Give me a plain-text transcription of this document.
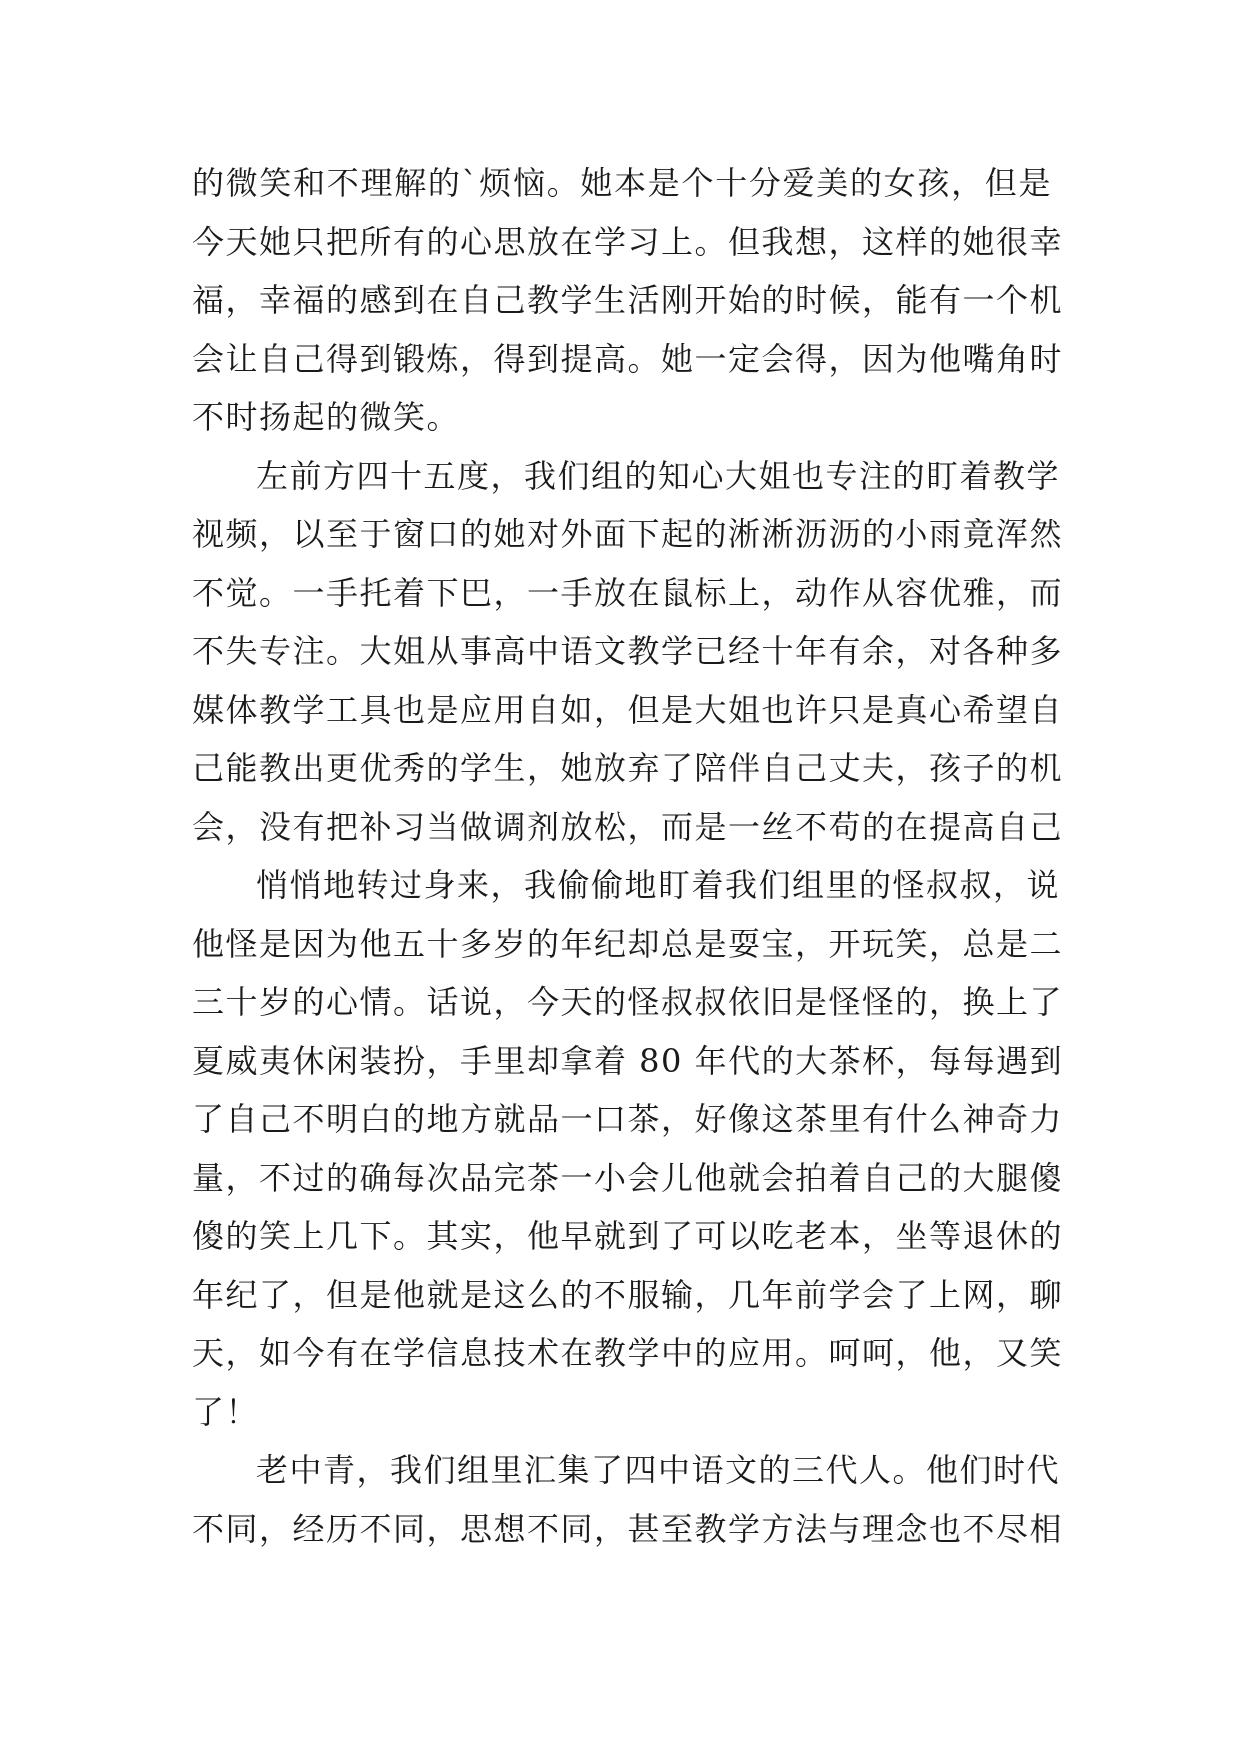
的微笑和不理解的`烦恼。她本是个十分爱美的女孩，但是
今天她只把所有的心思放在学习上。但我想，这样的她很幸
福，幸福的感到在自己教学生活刚开始的时候，能有一个机
会让自己得到锻炼，得到提高。她一定会得，因为他嘴角时
不时扬起的微笑。
左前方四十五度，我们组的知心大姐也专注的盯着教学
视频，以至于窗口的她对外面下起的淅淅沥沥的小雨竟浑然
不觉。一手托着下巴，一手放在鼠标上，动作从容优雅，而
不失专注。大姐从事高中语文教学已经十年有余，对各种多
媒体教学工具也是应用自如，但是大姐也许只是真心希望自
己能教出更优秀的学生，她放弃了陪伴自己丈夫，孩子的机
会，没有把补习当做调剂放松，而是一丝不苟的在提高自己
悄悄地转过身来，我偷偷地盯着我们组里的怪叔叔，说
他怪是因为他五十多岁的年纪却总是耍宝，开玩笑，总是二
三十岁的心情。话说，今天的怪叔叔依旧是怪怪的，换上了
夏威夷休闲装扮，手里却拿着 80 年代的大茶杯，每每遇到
了自己不明白的地方就品一口茶，好像这茶里有什么神奇力
量，不过的确每次品完茶一小会儿他就会拍着自己的大腿傻
傻的笑上几下。其实，他早就到了可以吃老本，坐等退休的
年纪了，但是他就是这么的不服输，几年前学会了上网，聊
天，如今有在学信息技术在教学中的应用。呵呵，他，又笑
了！
老中青，我们组里汇集了四中语文的三代人。他们时代
不同，经历不同，思想不同，甚至教学方法与理念也不尽相
